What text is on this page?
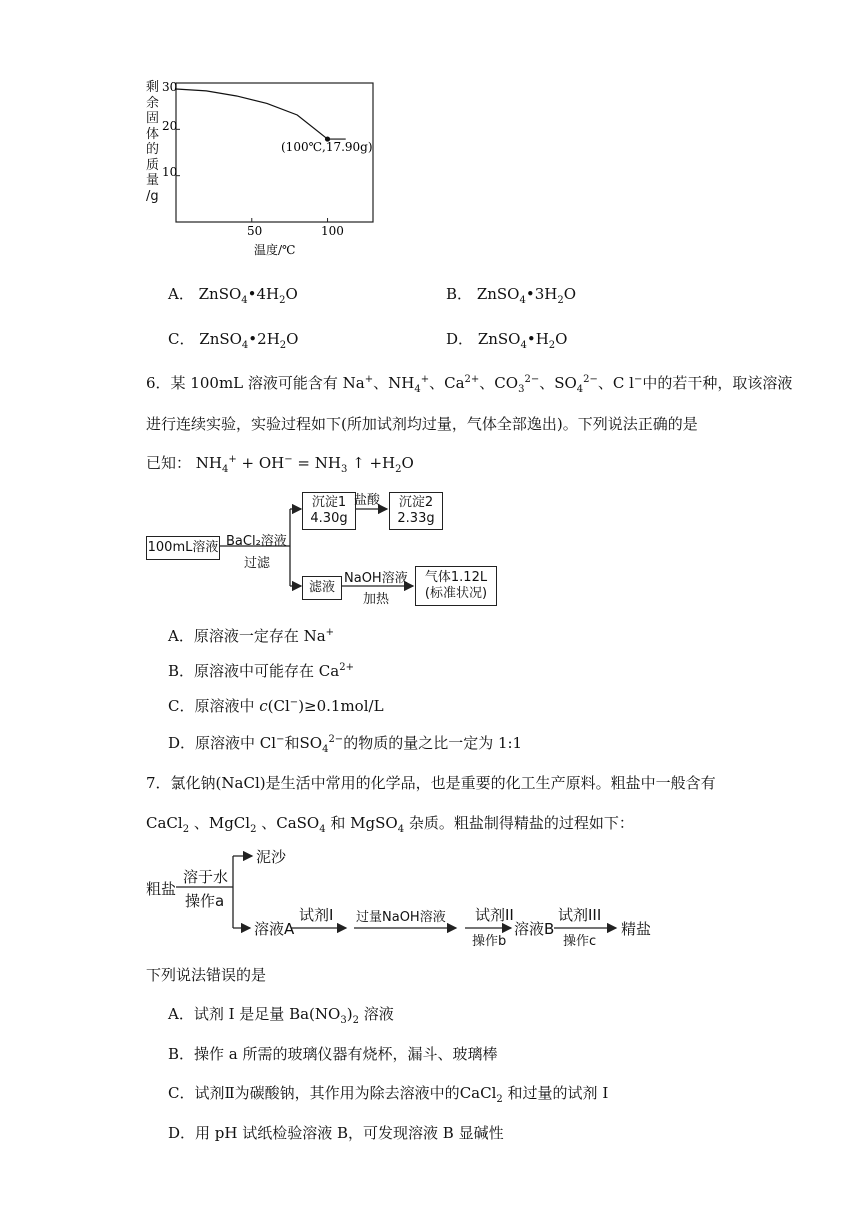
剩
余
固
体
的
质
量
/g
30
20
10
50	100
(100℃,17.90g)
温度/℃
A． $ZnSO_4•4H_2O$	B． $ZnSO_4•3H_2O$
C． $ZnSO_4•2H_2O$	D． $ZnSO_4•H_2O$
6．某 100mL 溶液可能含有 Na+、$NH_4^+$、$Ca^{2+}$、$CO_3^{2-}$、$SO_4^{2-}$、C l−中的若干种，取该溶液
进行连续实验，实验过程如下(所加试剂均过量，气体全部逸出)。下列说法正确的是
已知： $NH_4^+ + OH^- = NH_3$ ↑ $+H_2O$
100mL溶液 BaCl₂溶液
过滤
沉淀1
4.30g
盐酸	沉淀2
2.33g
滤液
NaOH溶液
加热
气体1.12L
(标准状况)
A．原溶液一定存在 Na+
B．原溶液中可能存在 $Ca^{2+}$
C．原溶液中 c(Cl−)≥0.1mol/L
D．原溶液中 Cl−和$SO_4^{2-}$的物质的量之比一定为 1:1
7．氯化钠(NaCl)是生活中常用的化学品，也是重要的化工生产原料。粗盐中一般含有
CaCl$_2$ 、MgCl$_2$ 、CaSO$_4$ 和 MgSO$_4$ 杂质。粗盐制得精盐的过程如下：
粗盐
溶于水
操作a
泥沙
溶液A
试剂I 过量NaOH溶液 试剂II
操作b
溶液B
试剂III
操作c
精盐
下列说法错误的是
A．试剂 I 是足量 $Ba(NO_3)_2$ 溶液
B．操作 a 所需的玻璃仪器有烧杯，漏斗、玻璃棒
C．试剂Ⅱ为碳酸钠，其作用为除去溶液中的CaCl$_2$ 和过量的试剂 I
D．用 pH 试纸检验溶液 B，可发现溶液 B 显碱性
